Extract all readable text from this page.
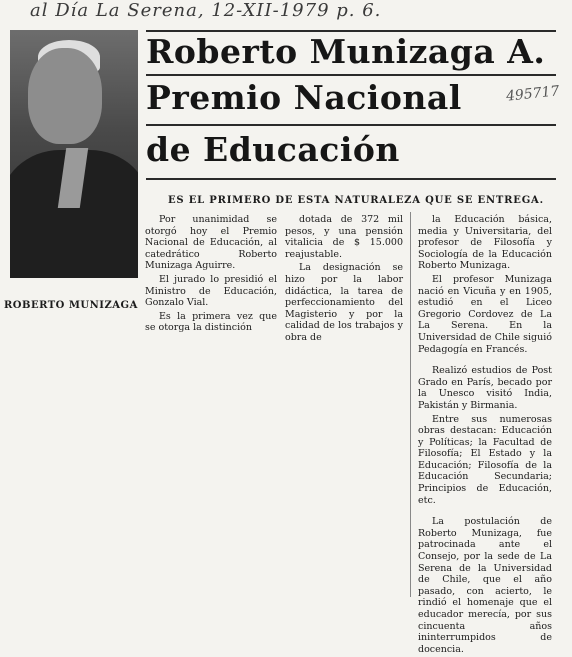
al Día La Serena, 12-XII-1979 p. 6.
ROBERTO MUNIZAGA
Roberto Munizaga A.
Premio Nacional	495717
de Educación
ES EL PRIMERO DE ESTA NATURALEZA QUE SE ENTREGA.

Por unanimidad se otorgó hoy el Premio Nacional de Educación, al catedrático Roberto Munizaga Aguirre.

El jurado lo presidió el Ministro de Educación, Gonzalo Vial.

Es la primera vez que se otorga la distinción

dotada de 372 mil pesos, y una pensión vitalicia de $ 15.000 reajustable.

La designación se hizo por la labor didáctica, la tarea de perfeccionamiento del Magisterio y por la calidad de los trabajos y obra de

la Educación básica, media y Universitaria, del profesor de Filosofía y Sociología de la Educación Roberto Munizaga.

El profesor Munizaga nació en Vicuña y en 1905, estudió en el Liceo Gregorio Cordovez de La La Serena. En la Universidad de Chile siguió Pedagogía en Francés.

Realizó estudios de Post Grado en París, becado por la Unesco visitó India, Pakistán y Birmania.

Entre sus numerosas obras destacan: Educación y Políticas; la Facultad de Filosofía; El Estado y la Educación; Filosofía de la Educación Secundaria; Principios de Educación, etc.

La postulación de Roberto Munizaga, fue patrocinada ante el Consejo, por la sede de La Serena de la Universidad de Chile, que el año pasado, con acierto, le rindió el homenaje que el educador merecía, por sus cincuenta años ininterrumpidos de docencia.
